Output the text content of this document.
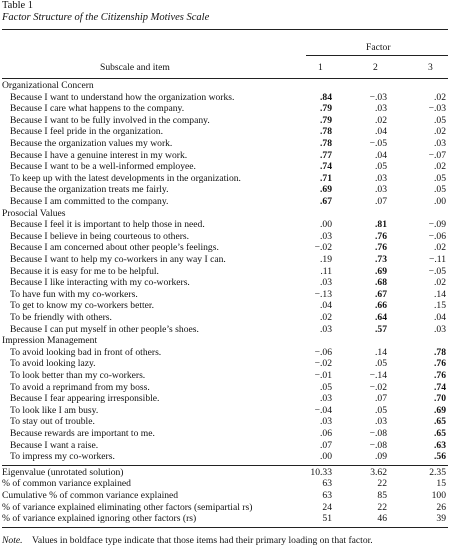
Table 1
Factor Structure of the Citizenship Motives Scale
Factor
Subscale and item	1	2	3
Organizational Concern
Because I want to understand how the organization works.	.84	−.03	.02
Because I care what happens to the company.	.79	.03	−.03
Because I want to be fully involved in the company.	.79	.02	.05
Because I feel pride in the organization.	.78	.04	.02
Because the organization values my work.	.78	−.05	.03
Because I have a genuine interest in my work.	.77	.04	−.07
Because I want to be a well-informed employee.	.74	.05	.02
To keep up with the latest developments in the organization.	.71	.03	.05
Because the organization treats me fairly.	.69	.03	.05
Because I am committed to the company.	.67	.07	.00
Prosocial Values
Because I feel it is important to help those in need.	.00	.81	−.09
Because I believe in being courteous to others.	.03	.76	−.06
Because I am concerned about other people’s feelings.	−.02	.76	.02
Because I want to help my co-workers in any way I can.	.19	.73	−.11
Because it is easy for me to be helpful.	.11	.69	−.05
Because I like interacting with my co-workers.	.03	.68	.02
To have fun with my co-workers.	−.13	.67	.14
To get to know my co-workers better.	.04	.66	.15
To be friendly with others.	.02	.64	.04
Because I can put myself in other people’s shoes.	.03	.57	.03
Impression Management
To avoid looking bad in front of others.	−.06	.14	.78
To avoid looking lazy.	−.02	.05	.76
To look better than my co-workers.	−.01	−.14	.76
To avoid a reprimand from my boss.	.05	−.02	.74
Because I fear appearing irresponsible.	.03	.07	.70
To look like I am busy.	−.04	.05	.69
To stay out of trouble.	.03	.03	.65
Because rewards are important to me.	.06	−.08	.65
Because I want a raise.	.07	−.08	.63
To impress my co-workers.	.00	.09	.56
Eigenvalue (unrotated solution)	10.33	3.62	2.35
% of common variance explained	63	22	15
Cumulative % of common variance explained	63	85	100
% of variance explained eliminating other factors (semipartial rs)	24	22	26
% of variance explained ignoring other factors (rs)	51	46	39
Note. Values in boldface type indicate that those items had their primary loading on that factor.
